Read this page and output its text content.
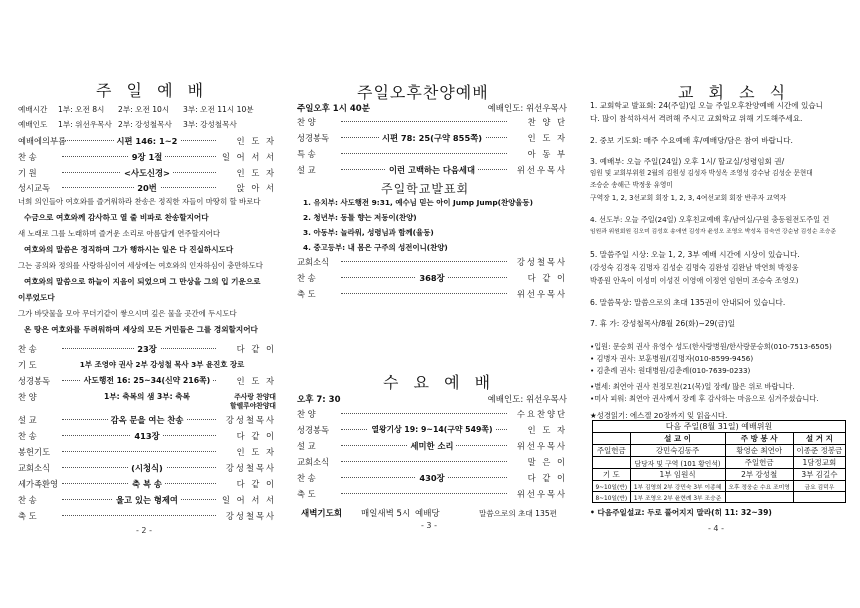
주 일 예 배
예배시간 1부: 오전 8시 2부: 오전 10시 3부: 오전 11시 10분
예배인도 1부: 위선우목사 2부: 강성철목사 3부: 강성철목사
예배에의부름	시편 146: 1~2	인 도 자
찬 송	9장 1절	일 어 서 서
기 원	<사도신경>	인 도 자
성시교독	20번	앉 아 서
너희 의인들아 여호와를 즐거워하라 찬송은 정직한 자들이 마땅히 할 바로다
수금으로 여호와께 감사하고 열 줄 비파로 찬송할지어다
새 노래로 그를 노래하며 즐거운 소리로 아름답게 연주할지어다
여호와의 말씀은 정직하며 그가 행하시는 일은 다 진실하시도다
그는 공의와 정의를 사랑하심이여 세상에는 여호와의 인자하심이 충만하도다
여호와의 말씀으로 하늘이 지음이 되었으며 그 만상을 그의 입 기운으로
이루었도다
그가 바닷물을 모아 무더기같이 쌓으시며 깊은 물을 곳간에 두시도다
온 땅은 여호와를 두려워하며 세상의 모든 거민들은 그를 경외할지어다
찬 송	23장	다 같 이
기 도	1부 조영야 권사 2부 강성철 목사 3부 윤진호 장로
성경봉독	사도행전 16: 25~34(신약 216쪽)	인 도 자
찬 양	1부: 축복의 샘 3부: 축복	주사랑 찬양대
할렐루야찬양대
설 교	감옥 문을 여는 찬송	강성철목사
찬 송	413장	다 같 이
봉헌기도	인 도 자
교회소식	(시청식)	강성철목사
세가족환영	축 복 송	다 같 이
찬 송	울고 있는 형제여	일 어 서 서
축 도	강성철목사
- 2 -
주일오후찬양예배
주일오후 1시 40분	예배인도: 위선우목사
찬 양	찬 양 단
성경봉독	시편 78: 25(구약 855쪽)	인 도 자
특 송	아 동 부
설 교	이런 고백하는 다음세대	위선우목사
주일학교발표회
1. 유치부: 사도행전 9:31, 예수님 믿는 아이 Jump Jump(찬양율동)
2. 청년부: 동틀 향는 저동이(찬양)
3. 아동부: 놀라워, 성령님과 함께(율동)
4. 중고등부: 내 몸은 구주의 성전이니(찬양)
교회소식	강성철목사
찬 송	368장	다 같 이
축 도	위선우목사
수 요 예 배
오후 7: 30	예배인도: 위선우목사
찬 양	수요찬양단
성경봉독	열왕기상 19: 9~14(구약 549쪽)	인 도 자
설 교	세미한 소리	위선우목사
교회소식	말 은 이
찬 송	430장	다 같 이
축 도	위선우목사
새벽기도회 매일새벽 5시 예배당	말씀으로의 초대 135편
- 3 -
교 회 소 식
1. 교회학교 발표회: 24(주일)일 오늘 주일오후찬양예배 시간에 있습니
다. 많이 참석하셔서 격려해 주시고 교회학교 위해 기도해주세요.
2. 중보 기도회: 매주 수요예배 후/예배당/담은 참여 바랍니다.
3. 예배부: 오늘 주일(24일) 오후 1시/ 할교실/성령임회 권/
임원 및 교회부위원 2월의 김원성 김성자 박성옥 조영성 강수남 김성순 문현대
조승순 송해근 박정웅 유영미
구역장 1, 2, 3선교회 회장 1, 2, 3, 4여선교회 회장 반주자 교역자
4. 선도부: 오늘 주일(24일) 오후친교예배 후/남여실/구원 충동원전도주일 건
임원과 위원회원 김오미 김성호 송애연 김성자 윤성오 조영오 박성옥 김숙연 강순남 김성순 조승준
5. 말씀주일 시상: 오늘 1, 2, 3부 예배 시간에 시상이 있습니다.
(강성숙 김경욱 김명자 김성순 김명숙 김완성 김완남 박연희 박정웅
박종원 안옥이 이성미 이성진 이영애 이정연 임현미 조승숙 조영오)
6. 말씀묵상: 말씀으로의 초대 135권이 안내되어 있습니다.
7. 휴 가: 강성철목사/8월 26(화)~29(금)일
•입원: 문승희 권사 유영수 성도(한사랑병원/한사랑문승희(010-7513-6505)
• 김병자 권사: 보훈병원/(김명자(010-8599-9456)
• 김춘례 권사: 원대병원/김춘례(010-7639-0233)
•별세: 최연아 권사 친정모친(21(목)일 장례/ 많은 위로 바랍니다.
•미사 피워: 최연아 권사께서 장례 후 감사하는 마음으로 심겨주셨습니다.
★성경읽기: 에스겔 20장까지 잊 읽읍시다.
다음 주일(8월 31일) 예배위원			
	설 교 이	주 방 봉 사	설 거 지
주일헌금	강민숙김동주	황영순 최연아	이종준 정봉금
	담당자 및 구역 (101 황인석)	주일헌금	1담정교회
기 도	1부 임원식	2부 강성철	3부 김길수
9~10일(반)	1부 김영희 2부 강민숙 3부 이종혜	오후 정웅순 수요 조미영	금요 김덕우
8~10일(반)	1부 조영오 2부 윤현례 3부 조승준		
• 다음주일설교: 두로 풀어지지 말라(히 11: 32~39)
- 4 -
